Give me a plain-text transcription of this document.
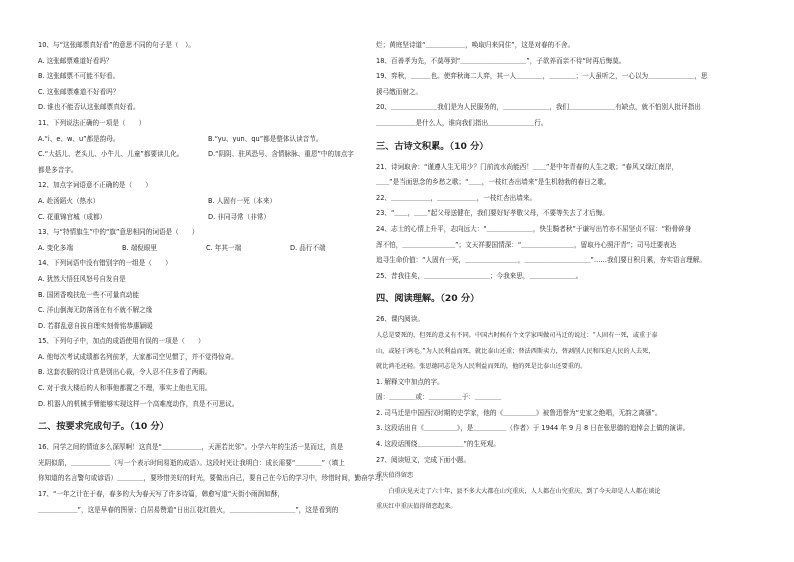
10、与“这张邮票真好看”的意思不同的句子是（　）。
A. 这张邮票难道好看吗？
B. 这张邮票不可能不好看。
C. 这张邮票难道不好看吗？
D. 谁也不能否认这张邮票真好看。
11、下列说法正确的一项是（　　）
A.“i、e、w、u”都是韵母。	B.“yu、yun、qu”都是整体认读音节。
C.“大括儿、老头儿、小牛儿、儿童”都要读儿化。	D.“阴阴、驻风恐号、含情脉脉、重恩”中的加点字
都是多音字。
12、加点字词语意不正确的是（　　）
A. 赴汤蹈火（热水）	B. 人固有一死（本来）
C. 花重锦官城（成都）	D. 非同寻常（非常）
13、与“特情旗生”中的“旗”意思相同的词语是（　　）
A. 变化多端	B. 端倪眼里	C. 年其一端	D. 品行不端
14、下列词语中没有错别字的一组是（　　）
A. 犹然大悟狂风怒号自发自是
B. 国团香嗅扶危一些不可量真动能
C. 洋山倒海无防落汤在有不就不解之缘
D. 若群乱意自拔自理实刻骨铭恭惠颖暖
15、下列句子中，加点的成语使用有误的一项是（　　）
A. 他每次考试成绩都名列前茅，大家都司空见惯了，并不觉得惊奇。
B. 这套衣服的设计真是别出心裁，令人忍不住多看了两眼。
C. 对于我大楼后的人和事他都置之不理，事实上他也无用。
D. 机器人的机械手臂能够实现这样一个高难度动作，真是不可思议。
二、按要求完成句子。（10 分）
16、同学之间的情谊多么深厚啊！这真是“＿＿＿＿＿＿，天涯若比邻”。小学六年的生活一晃而过，真是
光阴似箭，＿＿＿＿＿＿（写一个表示时间易逝的成语）。这段时光让我明白：成长需要“＿＿＿＿”（填上
你知道的名言警句或谚语）＿＿＿＿，要珍惜美好的时光，要做出自己，要自己在今后的学习中，珍惜时间，勤奋学习。
17、“一年之计在于春，春多的大为春天写了许多诗篇，韩愈写道“天街小雨润如酥，
＿＿＿＿＿＿”，这是早春的图景；白居易赞道“日出江花红胜火，＿＿＿＿＿＿＿＿＿＿”，这是看到的
烂；黄庭坚诗道“＿＿＿＿＿＿，唤取归来同住”，这是对春的不舍。
18、百善孝为先，不莫辱到“＿＿＿＿＿＿＿＿＿＿”，子欲养而亲不待“时再后悔莫。
19、弈秋，＿＿＿也。使弈秋诲二人弈，其一人＿＿＿＿，＿＿＿＿；一人虽听之，一心以为＿＿＿＿＿＿＿，思
援弓缴而射之。
20、＿＿＿＿＿＿＿我们是为人民服务的，＿＿＿＿＿＿＿，我们＿＿＿＿＿＿＿有缺点，就不怕别人批评指出
＿＿＿＿＿＿是什么人，谁向我们指出＿＿＿＿＿＿＿行。
三、古诗文积累。（10 分）
21、诗词取舍：“谨遵人生无用少？门前流水尚能西！＿＿”是中年青春的人生之歌；“春风又绿江南岸，
＿＿”是当面思念的乡愁之歌；“＿＿，一枝红杏出墙来”是生机勃勃的春日之歌。
22、＿＿＿＿＿＿，＿＿＿＿＿＿，一枝红杏出墙来。
23、“＿＿，＿＿”起父母送健在，我们要好好孝敬父母，不要等失去了才后悔。
24、志士的心情上升平，志向远大：“＿＿＿＿＿＿＿，快生騎者秋”于谦写出竹亦不屈坚贞不屈：“粉骨碎身
浑不怕，＿＿＿＿＿＿＿＿”；文天祥要国情深：“＿＿＿＿＿＿＿＿，留取丹心照汗青”；司马迁要表达
追寻生命价值：“人固有一死，＿＿＿＿＿＿＿＿，＿＿＿＿＿＿＿＿＿＿”……我们要日积月累，夯实语言理解。
25、昔我往矣，＿＿＿＿＿＿＿＿＿＿；今我来思，＿＿＿＿＿＿＿。
四、阅读理解。（20 分）
26、课内阅读。
人总是要死的，但死的意义有不同。中国古时候有个文学家叫做司马迁的说过：“人固有一死，或重于泰
山，或轻于鸿毛。”为人民利益而死，就比泰山还重；替法西斯卖力，替剥削人民和压迫人民的人去死，
就比鸿毛还轻。张思德同志是为人民利益而死的，他的死是比泰山还要重的。
1. 解释文中加点的字。
固：＿＿＿＿或：＿＿＿＿＿于：＿＿＿＿
2. 司马迁是中国西汉时期的史学家，他的《＿＿＿＿＿》被鲁迅誉为“史家之绝唱，无韵之离骚”。
3. 这段话出自《＿＿＿＿＿》，是＿＿＿＿＿（作者）于 1944 年 9 月 8 日在张思德的追悼会上做的演讲。
4. 这段话围绕＿＿＿＿＿＿＿”的生死观。
27、阅读短文，完成下面小题。
重庆值得留恋
　　白重庆见天走了六十年，县不多大大都在山究重庆，人人都在山究重庆，到了今天却是人人都在谈论
重庆红中重庆值得留恋起来。
